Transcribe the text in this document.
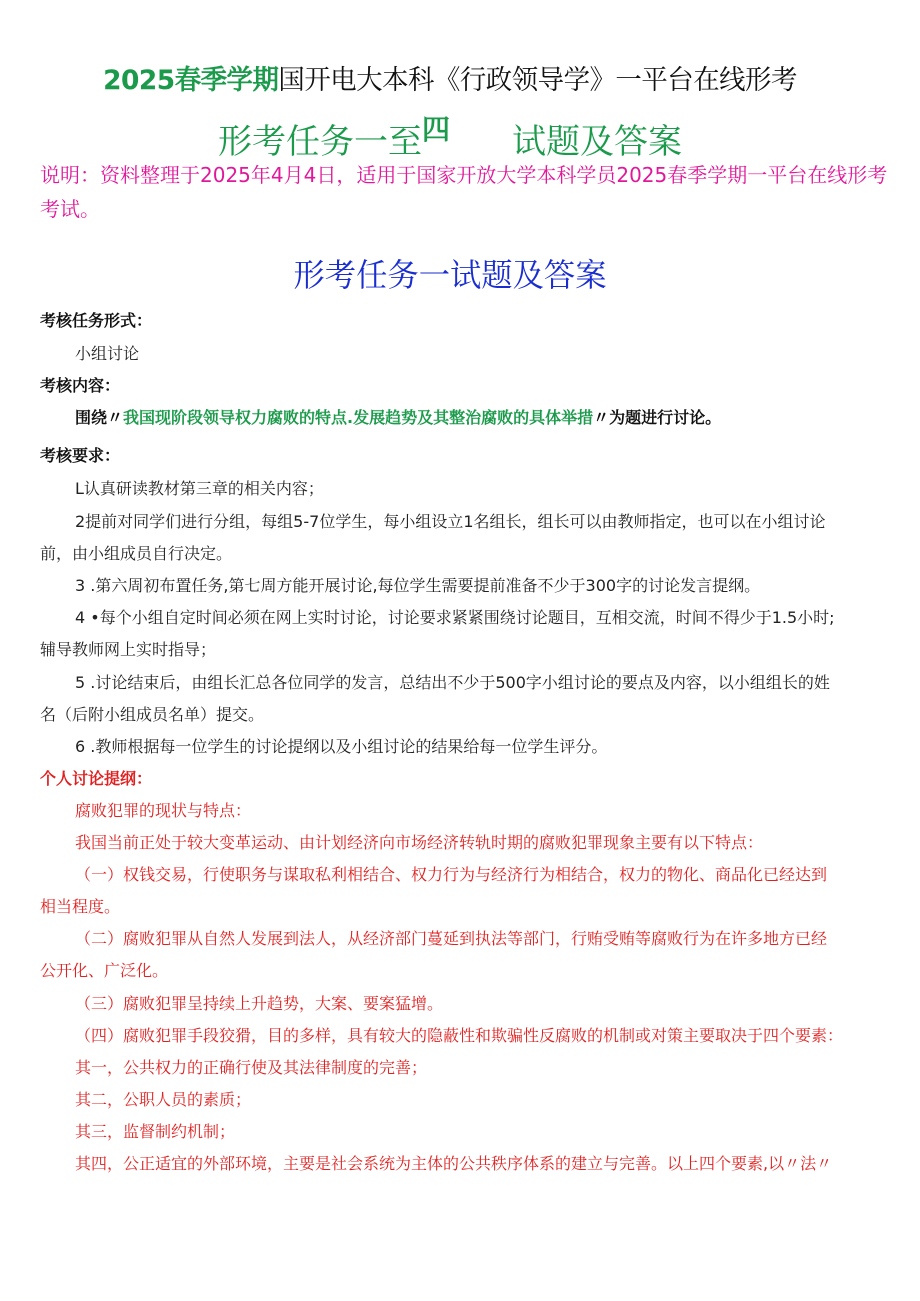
2025春季学期国开电大本科《行政领导学》一平台在线形考
形考任务一至四 试题及答案
说明：资料整理于2025年4月4日，适用于国家开放大学本科学员2025春季学期一平台在线形考考试。
形考任务一试题及答案
考核任务形式：
小组讨论
考核内容：
围绕〃我国现阶段领导权力腐败的特点.发展趋势及其整治腐败的具体举措〃为题进行讨论。
考核要求：
L认真研读教材第三章的相关内容；
2提前对同学们进行分组，每组5-7位学生，每小组设立1名组长，组长可以由教师指定，也可以在小组讨论
前，由小组成员自行决定。
3 .第六周初布置任务,第七周方能开展讨论,每位学生需要提前准备不少于300字的讨论发言提纲。
4 •每个小组自定时间必须在网上实时讨论，讨论要求紧紧围绕讨论题目，互相交流，时间不得少于1.5小时;
辅导教师网上实时指导；
5 .讨论结束后，由组长汇总各位同学的发言，总结出不少于500字小组讨论的要点及内容，以小组组长的姓
名（后附小组成员名单）提交。
6 .教师根据每一位学生的讨论提纲以及小组讨论的结果给每一位学生评分。
个人讨论提纲：
腐败犯罪的现状与特点：
我国当前正处于较大变革运动、由计划经济向市场经济转轨时期的腐败犯罪现象主要有以下特点：
（一）权钱交易，行使职务与谋取私利相结合、权力行为与经济行为相结合，权力的物化、商品化已经达到
相当程度。
（二）腐败犯罪从自然人发展到法人，从经济部门蔓延到执法等部门，行贿受贿等腐败行为在许多地方已经
公开化、广泛化。
（三）腐败犯罪呈持续上升趋势，大案、要案猛增。
（四）腐败犯罪手段狡猾，目的多样，具有较大的隐蔽性和欺骗性反腐败的机制或对策主要取决于四个要素：
其一，公共权力的正确行使及其法律制度的完善；
其二，公职人员的素质；
其三，监督制约机制；
其四，公正适宜的外部环境，主要是社会系统为主体的公共秩序体系的建立与完善。以上四个要素,以〃法〃
